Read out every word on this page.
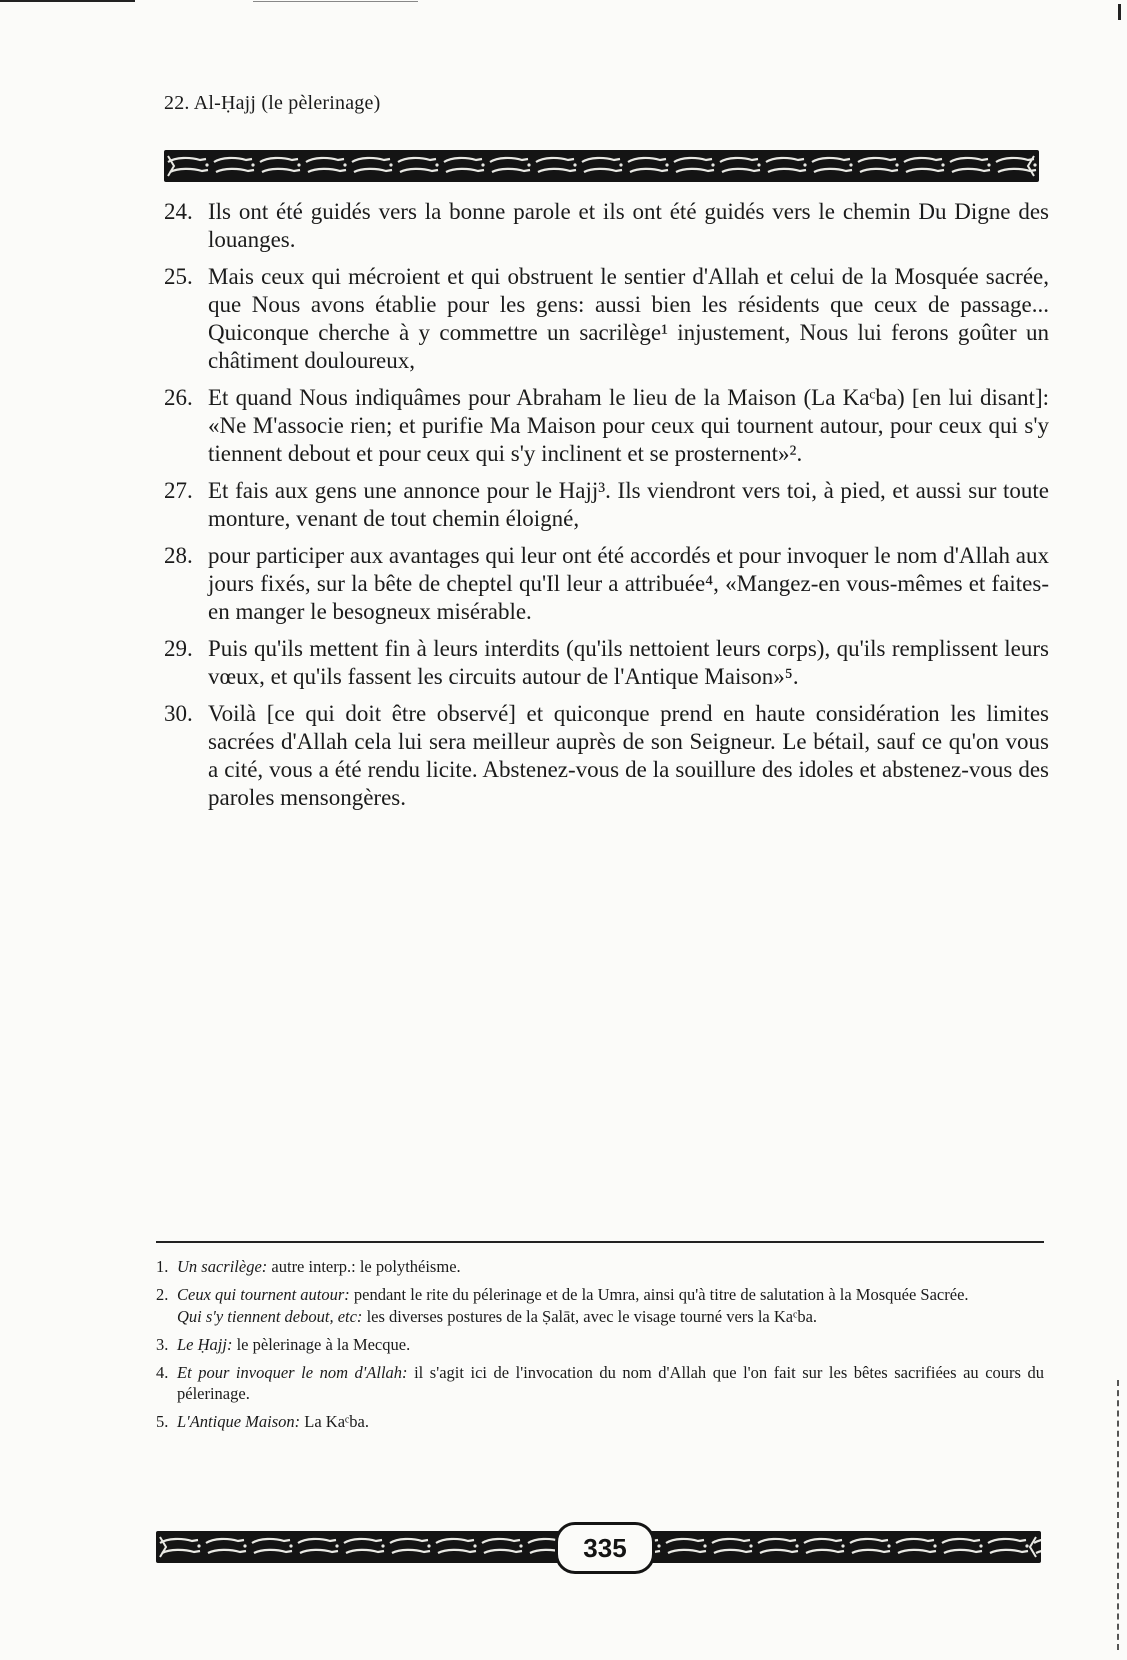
22. Al-Ḥajj (le pèlerinage)
24. Ils ont été guidés vers la bonne parole et ils ont été guidés vers le chemin Du Digne des louanges.
25. Mais ceux qui mécroient et qui obstruent le sentier d'Allah et celui de la Mosquée sacrée, que Nous avons établie pour les gens: aussi bien les résidents que ceux de passage... Quiconque cherche à y commettre un sacrilège¹ injustement, Nous lui ferons goûter un châtiment douloureux,
26. Et quand Nous indiquâmes pour Abraham le lieu de la Maison (La Kaᶜba) [en lui disant]: «Ne M'associe rien; et purifie Ma Maison pour ceux qui tournent autour, pour ceux qui s'y tiennent debout et pour ceux qui s'y inclinent et se prosternent»².
27. Et fais aux gens une annonce pour le Hajj³. Ils viendront vers toi, à pied, et aussi sur toute monture, venant de tout chemin éloigné,
28. pour participer aux avantages qui leur ont été accordés et pour invoquer le nom d'Allah aux jours fixés, sur la bête de cheptel qu'Il leur a attribuée⁴, «Mangez-en vous-mêmes et faites-en manger le besogneux misérable.
29. Puis qu'ils mettent fin à leurs interdits (qu'ils nettoient leurs corps), qu'ils remplissent leurs vœux, et qu'ils fassent les circuits autour de l'Antique Maison»⁵.
30. Voilà [ce qui doit être observé] et quiconque prend en haute considération les limites sacrées d'Allah cela lui sera meilleur auprès de son Seigneur. Le bétail, sauf ce qu'on vous a cité, vous a été rendu licite. Abstenez-vous de la souillure des idoles et abstenez-vous des paroles mensongères.
1. Un sacrilège: autre interp.: le polythéisme.
2. Ceux qui tournent autour: pendant le rite du pélerinage et de la Umra, ainsi qu'à titre de salutation à la Mosquée Sacrée.
Qui s'y tiennent debout, etc: les diverses postures de la Ṣalāt, avec le visage tourné vers la Kaᶜba.
3. Le Ḥajj: le pèlerinage à la Mecque.
4. Et pour invoquer le nom d'Allah: il s'agit ici de l'invocation du nom d'Allah que l'on fait sur les bêtes sacrifiées au cours du pélerinage.
5. L'Antique Maison: La Kaᶜba.
335
